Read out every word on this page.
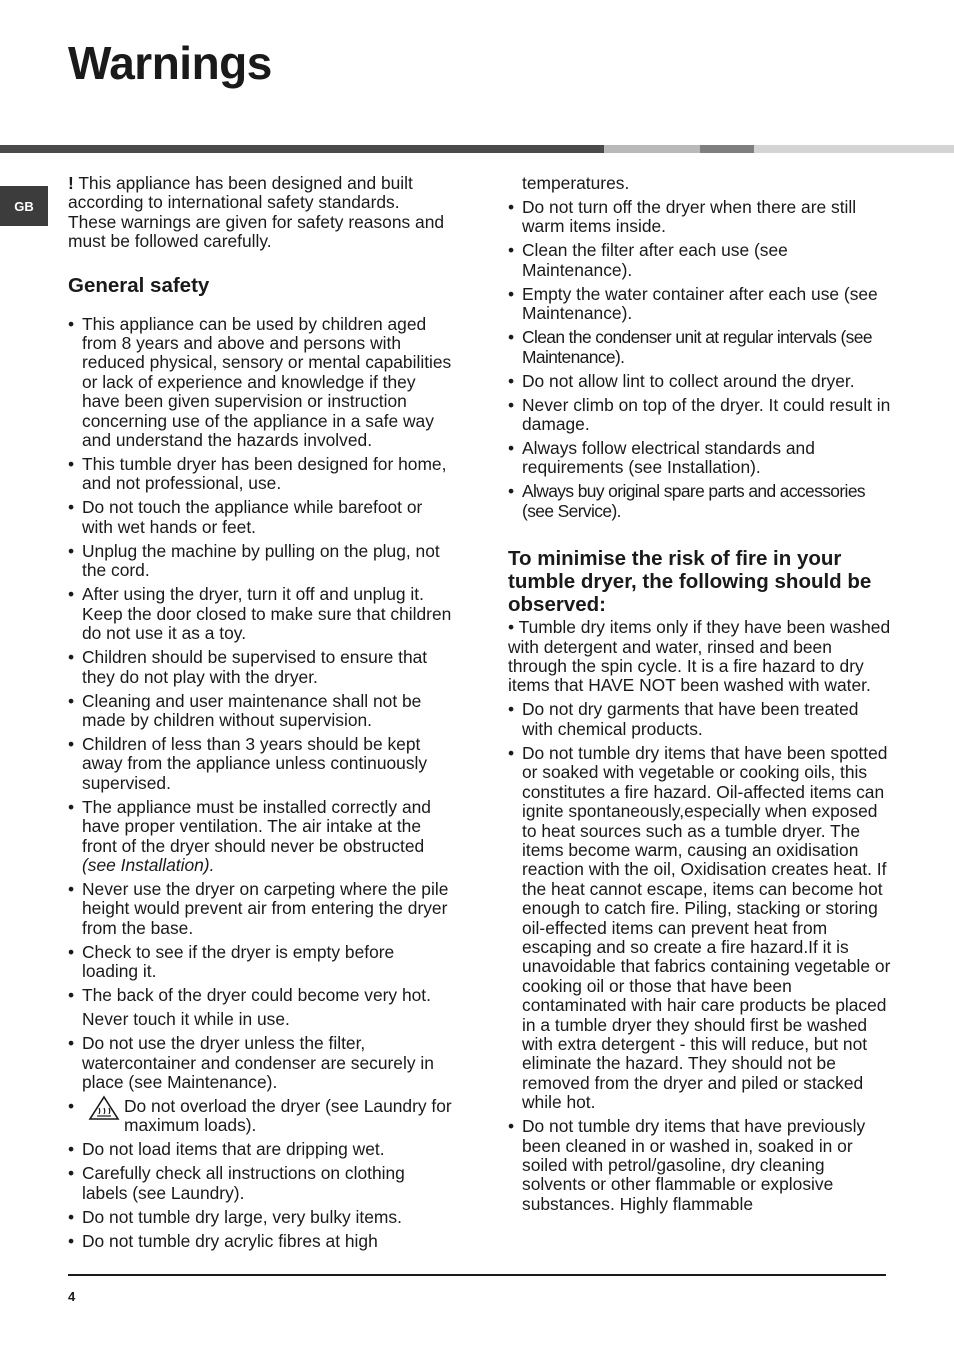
Warnings
GB

! This appliance has been designed and built according to international safety standards. These warnings are given for safety reasons and must be followed carefully.

General safety
• This appliance can be used by children aged from 8 years and above and persons with reduced physical, sensory or mental capabilities or lack of experience and knowledge if they have been given supervision or instruction concerning use of the appliance in a safe way and understand the hazards involved.
• This tumble dryer has been designed for home, and not professional, use.
• Do not touch the appliance while barefoot or with wet hands or feet.
• Unplug the machine by pulling on the plug, not the cord.
• After using the dryer, turn it off and unplug it. Keep the door closed to make sure that children do not use it as a toy.
• Children should be supervised to ensure that they do not play with the dryer.
• Cleaning and user maintenance shall not be made by children without supervision.
• Children of less than 3 years should be kept away from the appliance unless continuously supervised.
• The appliance must be installed correctly and have proper ventilation. The air intake at the front of the dryer should never be obstructed (see Installation).
• Never use the dryer on carpeting where the pile height would prevent air from entering the dryer from the base.
• Check to see if the dryer is empty before loading it.
• The back of the dryer could become very hot.
Never touch it while in use.
• Do not use the dryer unless the filter, watercontainer and condenser are securely in place (see Maintenance).
•	Do not overload the dryer (see Laundry for maximum loads).
• Do not load items that are dripping wet.
• Carefully check all instructions on clothing labels (see Laundry).
• Do not tumble dry large, very bulky items.
• Do not tumble dry acrylic fibres at high
temperatures.
• Do not turn off the dryer when there are still warm items inside.
• Clean the filter after each use (see Maintenance).
• Empty the water container after each use (see Maintenance).
• Clean the condenser unit at regular intervals (see Maintenance).
• Do not allow lint to collect around the dryer.
• Never climb on top of the dryer. It could result in damage.
• Always follow electrical standards and requirements (see Installation).
• Always buy original spare parts and accessories (see Service).
To minimise the risk of fire in your tumble dryer, the following should be observed:

• Tumble dry items only if they have been washed with detergent and water, rinsed and been through the spin cycle. It is a fire hazard to dry items that HAVE NOT been washed with water.

• Do not dry garments that have been treated with chemical products.
• Do not tumble dry items that have been spotted or soaked with vegetable or cooking oils, this constitutes a fire hazard. Oil-affected items can ignite spontaneously,especially when exposed to heat sources such as a tumble dryer. The items become warm, causing an oxidisation reaction with the oil, Oxidisation creates heat. If the heat cannot escape, items can become hot enough to catch fire. Piling, stacking or storing oil-effected items can prevent heat from escaping and so create a fire hazard.If it is unavoidable that fabrics containing vegetable or cooking oil or those that have been contaminated with hair care products be placed in a tumble dryer they should first be washed with extra detergent - this will reduce, but not eliminate the hazard. They should not be removed from the dryer and piled or stacked while hot.
• Do not tumble dry items that have previously been cleaned in or washed in, soaked in or soiled with petrol/gasoline, dry cleaning solvents or other flammable or explosive substances. Highly flammable
4
